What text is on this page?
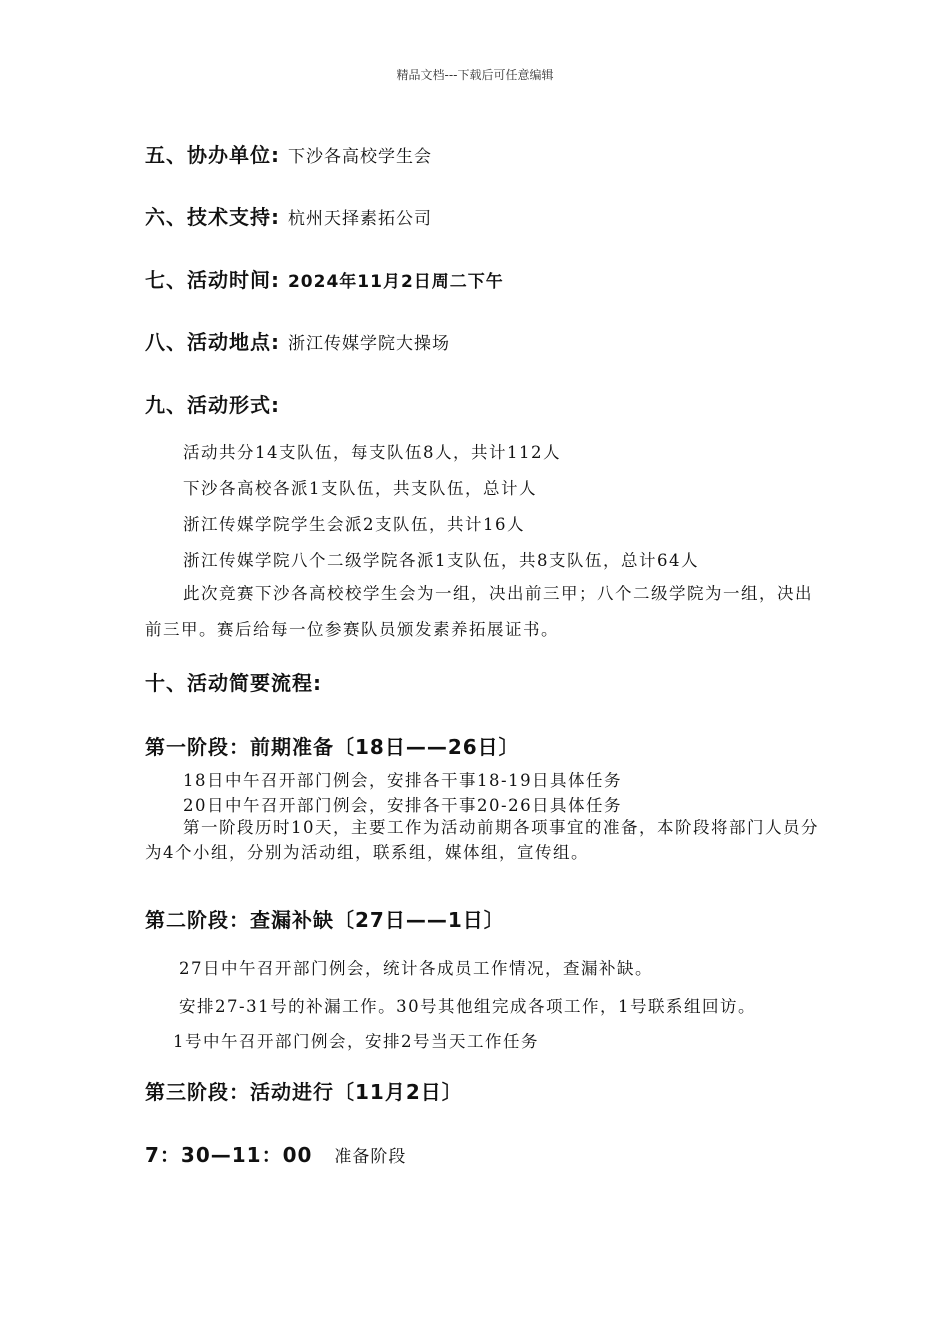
精品文档---下载后可任意编辑
五、协办单位: 下沙各高校学生会
六、技术支持: 杭州天择素拓公司
七、活动时间: 2024年11月2日周二下午
八、活动地点: 浙江传媒学院大操场
九、活动形式:
活动共分14支队伍，每支队伍8人，共计112人
下沙各高校各派1支队伍，共支队伍，总计人
浙江传媒学院学生会派2支队伍，共计16人
浙江传媒学院八个二级学院各派1支队伍，共8支队伍，总计64人
此次竞赛下沙各高校校学生会为一组，决出前三甲；八个二级学院为一组，决出前三甲。赛后给每一位参赛队员颁发素养拓展证书。
十、活动简要流程:
第一阶段：前期准备〔18日——26日〕
18日中午召开部门例会，安排各干事18-19日具体任务
20日中午召开部门例会，安排各干事20-26日具体任务
第一阶段历时10天，主要工作为活动前期各项事宜的准备，本阶段将部门人员分为4个小组，分别为活动组，联系组，媒体组，宣传组。
第二阶段：查漏补缺〔27日——1日〕
27日中午召开部门例会，统计各成员工作情况，查漏补缺。
安排27-31号的补漏工作。30号其他组完成各项工作，1号联系组回访。
1号中午召开部门例会，安排2号当天工作任务
第三阶段：活动进行〔11月2日〕
7：30—11：00 准备阶段
